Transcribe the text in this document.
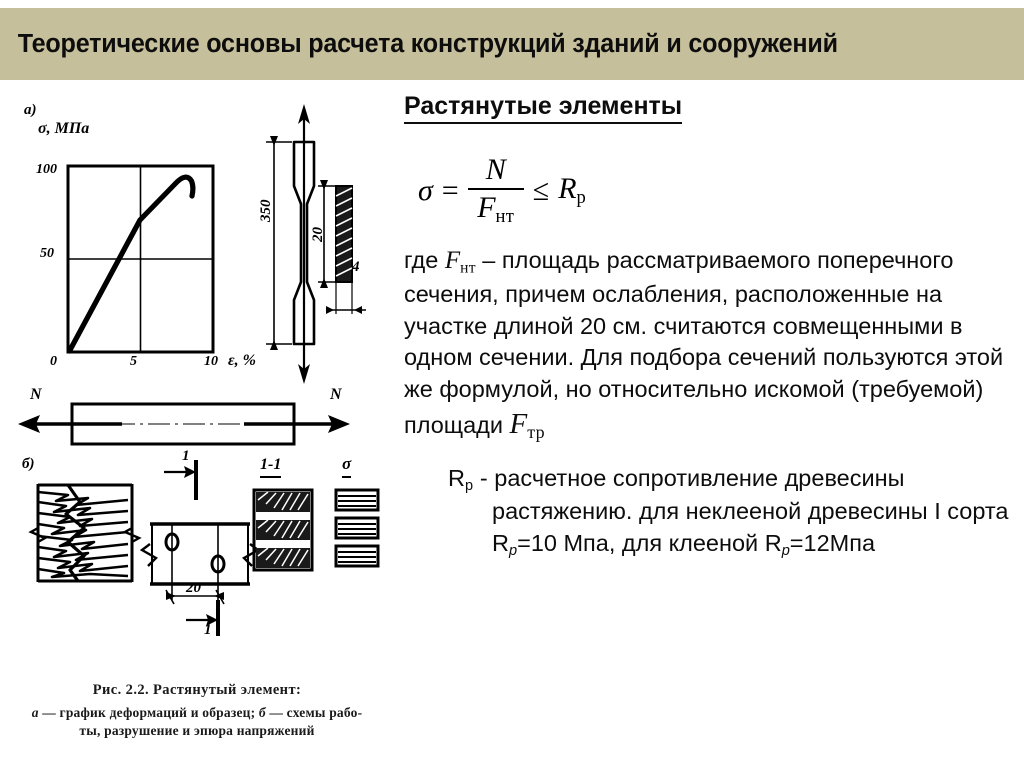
Теоретические основы расчета конструкций зданий и сооружений
а)
σ, МПа
100
50
0	5	10 ε, %
350
20
4
N	N
б)	1
1
20
1-1	σ
Рис. 2.2. Растянутый элемент:
а — график деформаций и образец; б — схемы рабо-
ты, разрушение и эпюра напряжений
Растянутые элементы
$\sigma = \frac{N}{F_{нт}} \le R_р$
где $F_{нт}$ – площадь рассматриваемого поперечного сечения, причем ослабления, расположенные на участке длиной 20 см. считаются совмещенными в одном сечении. Для подбора сечений пользуются этой же формулой, но относительно искомой (требуемой) площади $F_{тр}$
$R_р$ - расчетное сопротивление древесины растяжению. для неклееной древесины I сорта Rp=10 Мпа, для клееной Rp=12Мпа
